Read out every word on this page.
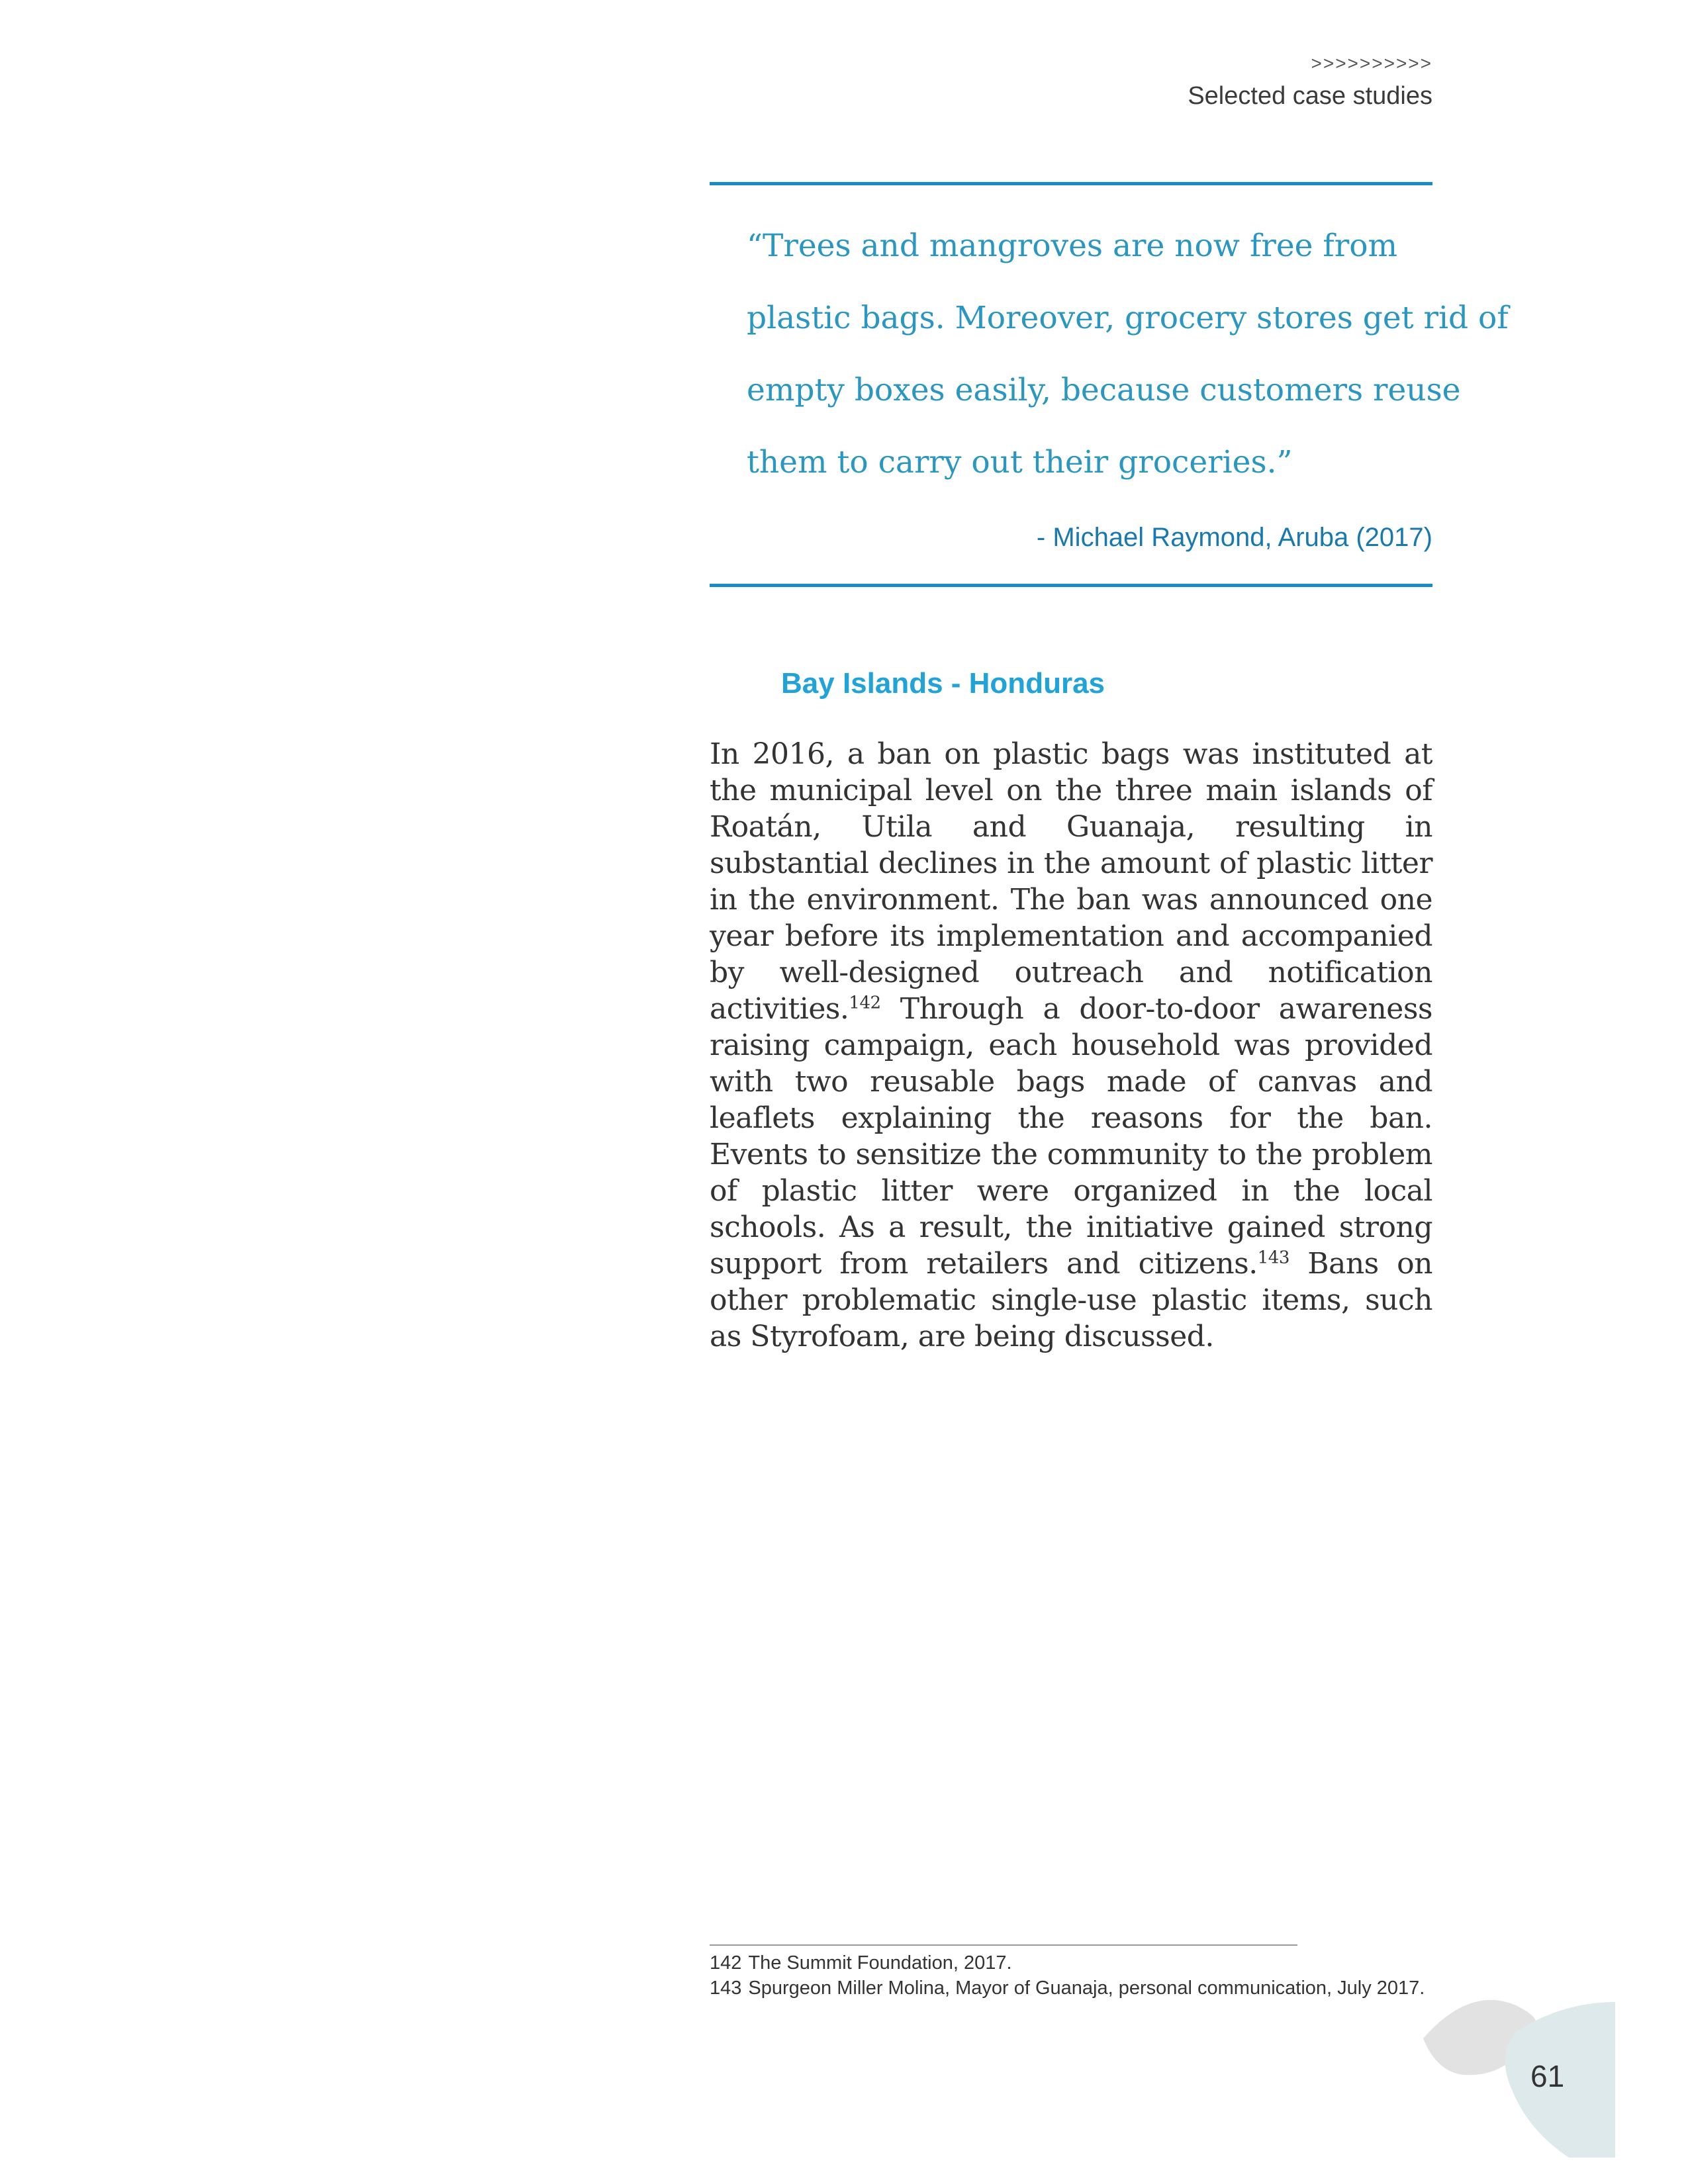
>>>>>>>>>>
Selected case studies
“Trees and mangroves are now free from
plastic bags. Moreover, grocery stores get rid of
empty boxes easily, because customers reuse
them to carry out their groceries.”
- Michael Raymond, Aruba (2017)
Bay Islands - Honduras

In 2016, a ban on plastic bags was instituted at the municipal level on the three main islands of Roatán, Utila and Guanaja, resulting in substantial declines in the amount of plastic litter in the environment. The ban was announced one year before its implementation and accompanied by well-designed outreach and notification activities.$^{142}$ Through a door-to-door awareness raising campaign, each household was provided with two reusable bags made of canvas and leaflets explaining the reasons for the ban. Events to sensitize the community to the problem of plastic litter were organized in the local schools. As a result, the initiative gained strong support from retailers and citizens.$^{143}$ Bans on other problematic single-use plastic items, such as Styrofoam, are being discussed.

142 The Summit Foundation, 2017.
143 Spurgeon Miller Molina, Mayor of Guanaja, personal communication, July 2017.
61
